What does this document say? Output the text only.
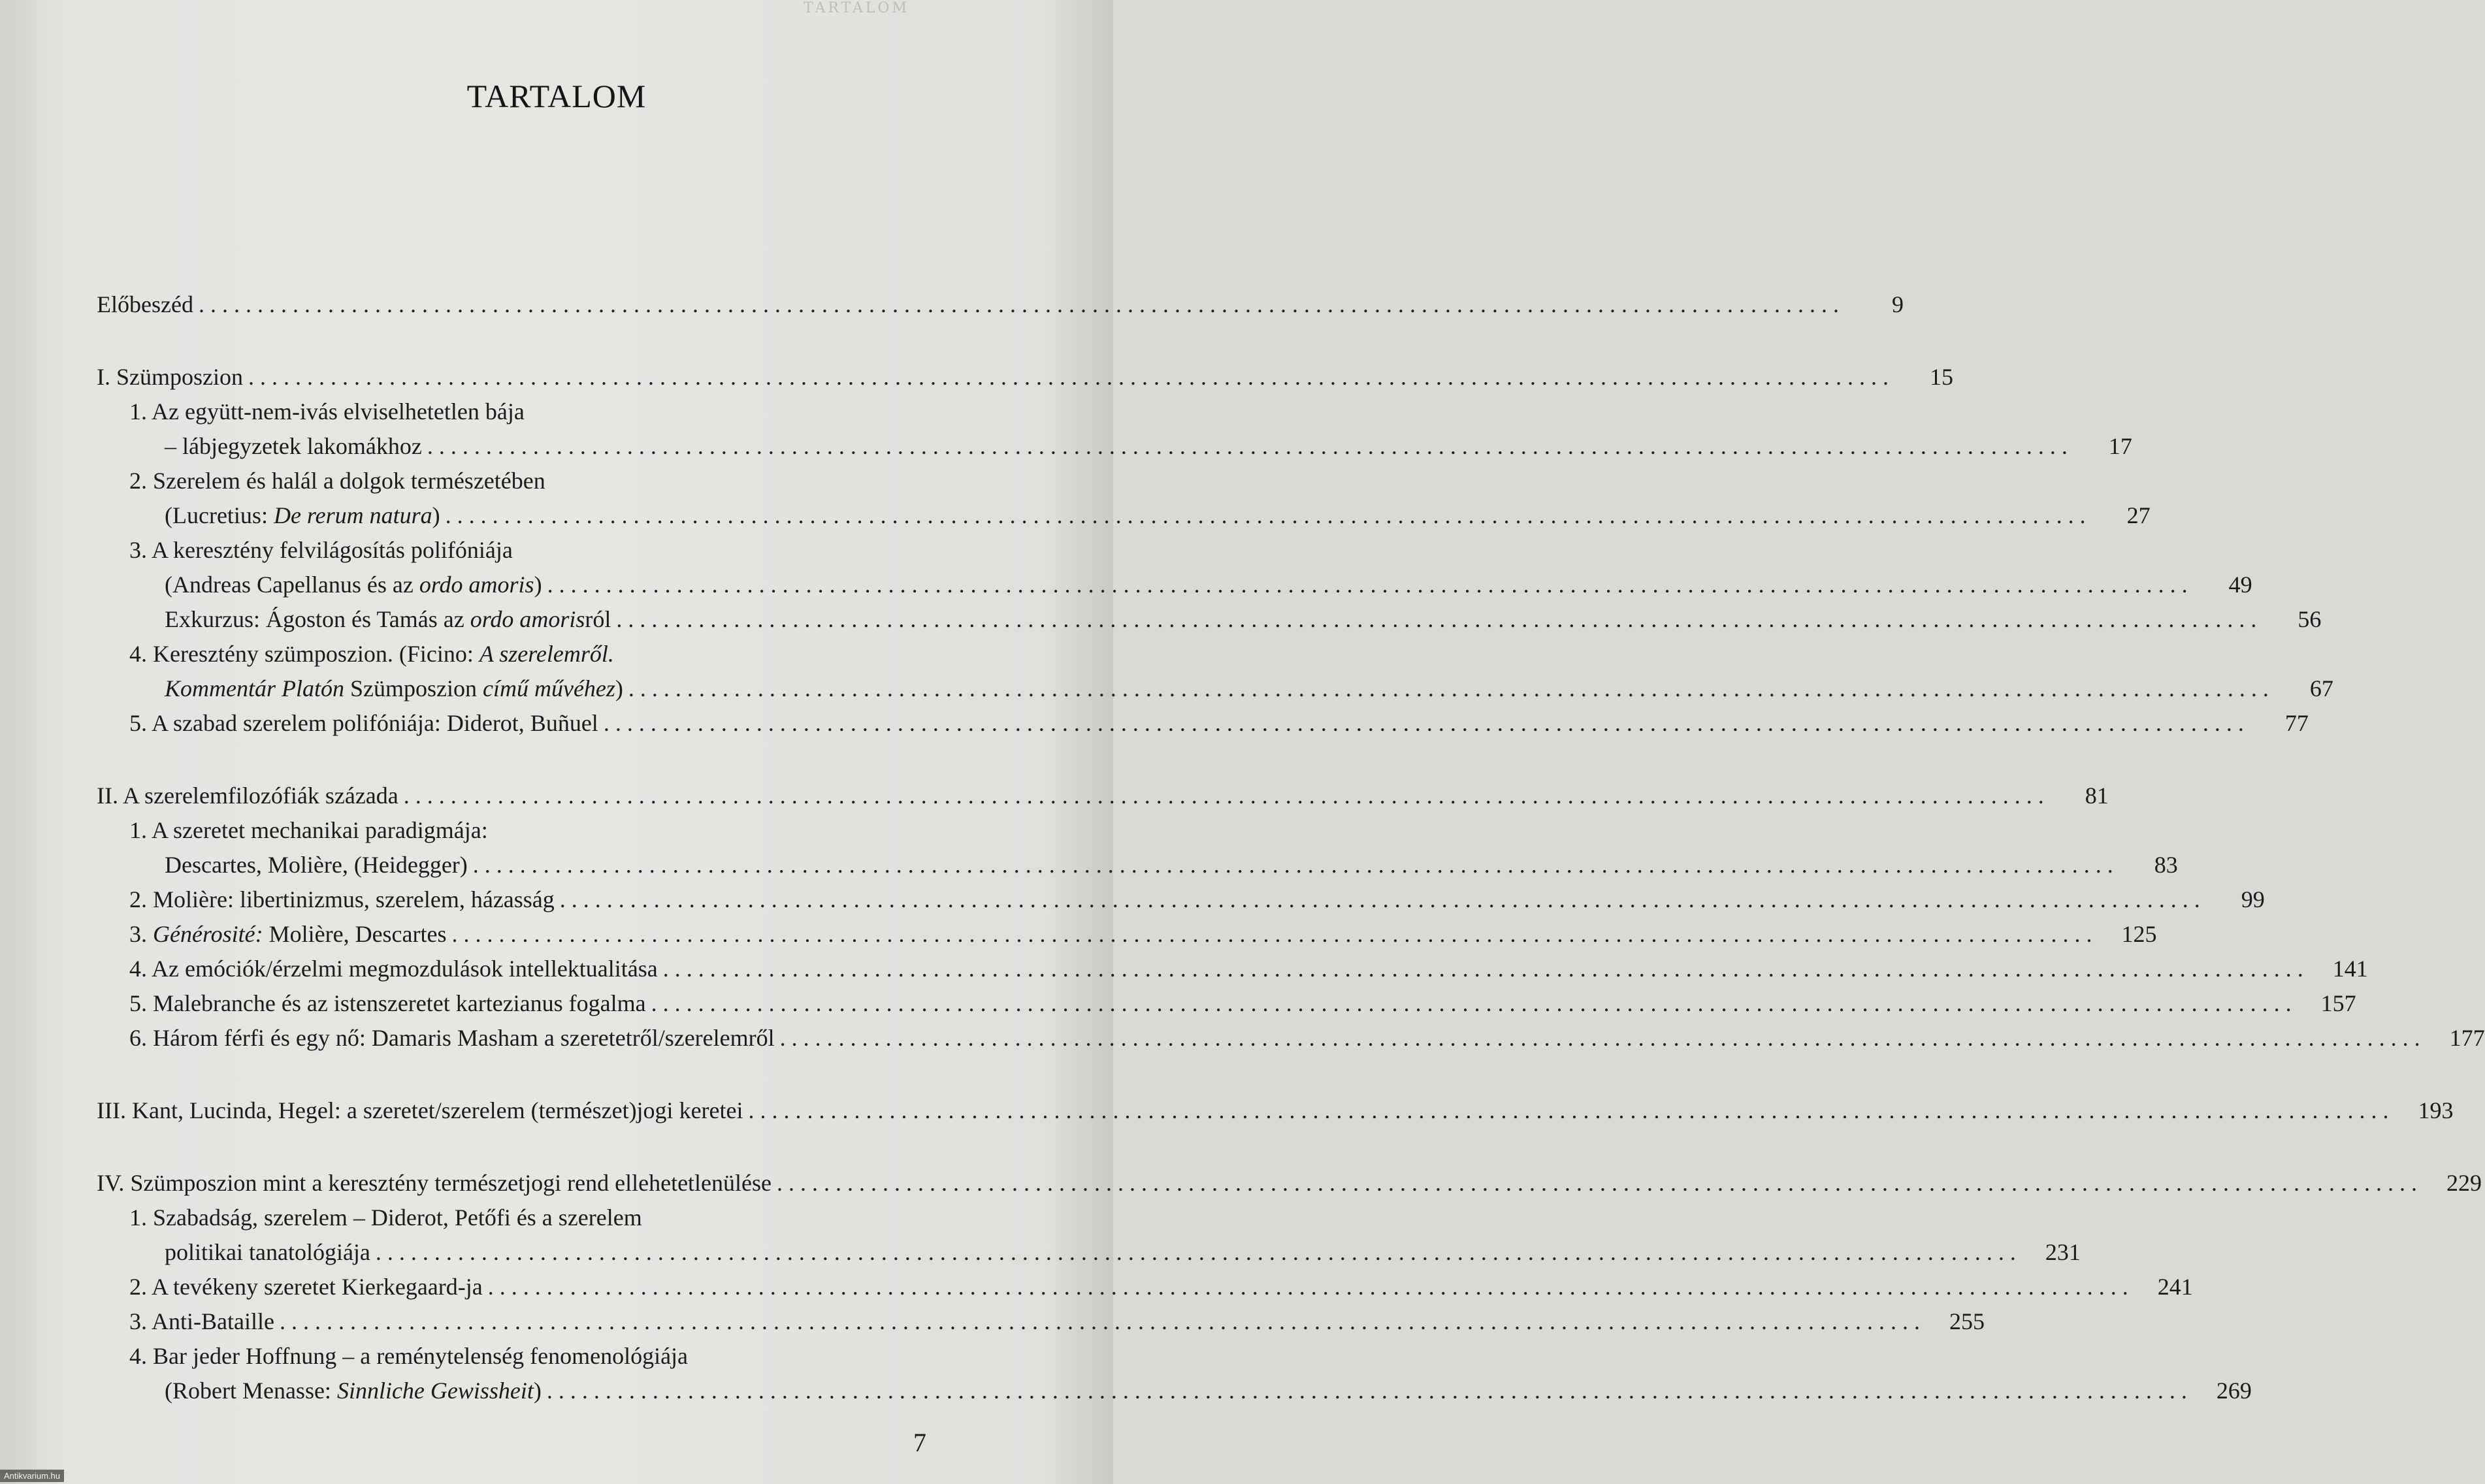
TARTALOM
TARTALOM
Előbeszéd ............................................................................................................................................	9
I. Szümposzion ............................................................................................................................................	15
1. Az együtt-nem-ivás elviselhetetlen bája
– lábjegyzetek lakomákhoz ............................................................................................................................................	17
2. Szerelem és halál a dolgok természetében
(Lucretius: De rerum natura) ............................................................................................................................................	27
3. A keresztény felvilágosítás polifóniája
(Andreas Capellanus és az ordo amoris) ............................................................................................................................................	49
Exkurzus: Ágoston és Tamás az ordo amorisról ............................................................................................................................................	56
4. Keresztény szümposzion. (Ficino: A szerelemről.
Kommentár Platón Szümposzion című művéhez) ............................................................................................................................................	67
5. A szabad szerelem polifóniája: Diderot, Buñuel ............................................................................................................................................	77
II. A szerelemfilozófiák százada ............................................................................................................................................	81
1. A szeretet mechanikai paradigmája:
Descartes, Molière, (Heidegger) ............................................................................................................................................	83
2. Molière: libertinizmus, szerelem, házasság ............................................................................................................................................	99
3. Générosité: Molière, Descartes ............................................................................................................................................	125
4. Az emóciók/érzelmi megmozdulások intellektualitása ............................................................................................................................................	141
5. Malebranche és az istenszeretet kartezianus fogalma ............................................................................................................................................	157
6. Három férfi és egy nő: Damaris Masham a szeretetről/szerelemről ............................................................................................................................................	177
III. Kant, Lucinda, Hegel: a szeretet/szerelem (természet)jogi keretei ............................................................................................................................................	193
IV. Szümposzion mint a keresztény természetjogi rend ellehetetlenülése ............................................................................................................................................	229
1. Szabadság, szerelem – Diderot, Petőfi és a szerelem
politikai tanatológiája ............................................................................................................................................	231
2. A tevékeny szeretet Kierkegaard-ja ............................................................................................................................................	241
3. Anti-Bataille ............................................................................................................................................	255
4. Bar jeder Hoffnung – a reménytelenség fenomenológiája
(Robert Menasse: Sinnliche Gewissheit) ............................................................................................................................................	269
7
Antikvarium.hu
